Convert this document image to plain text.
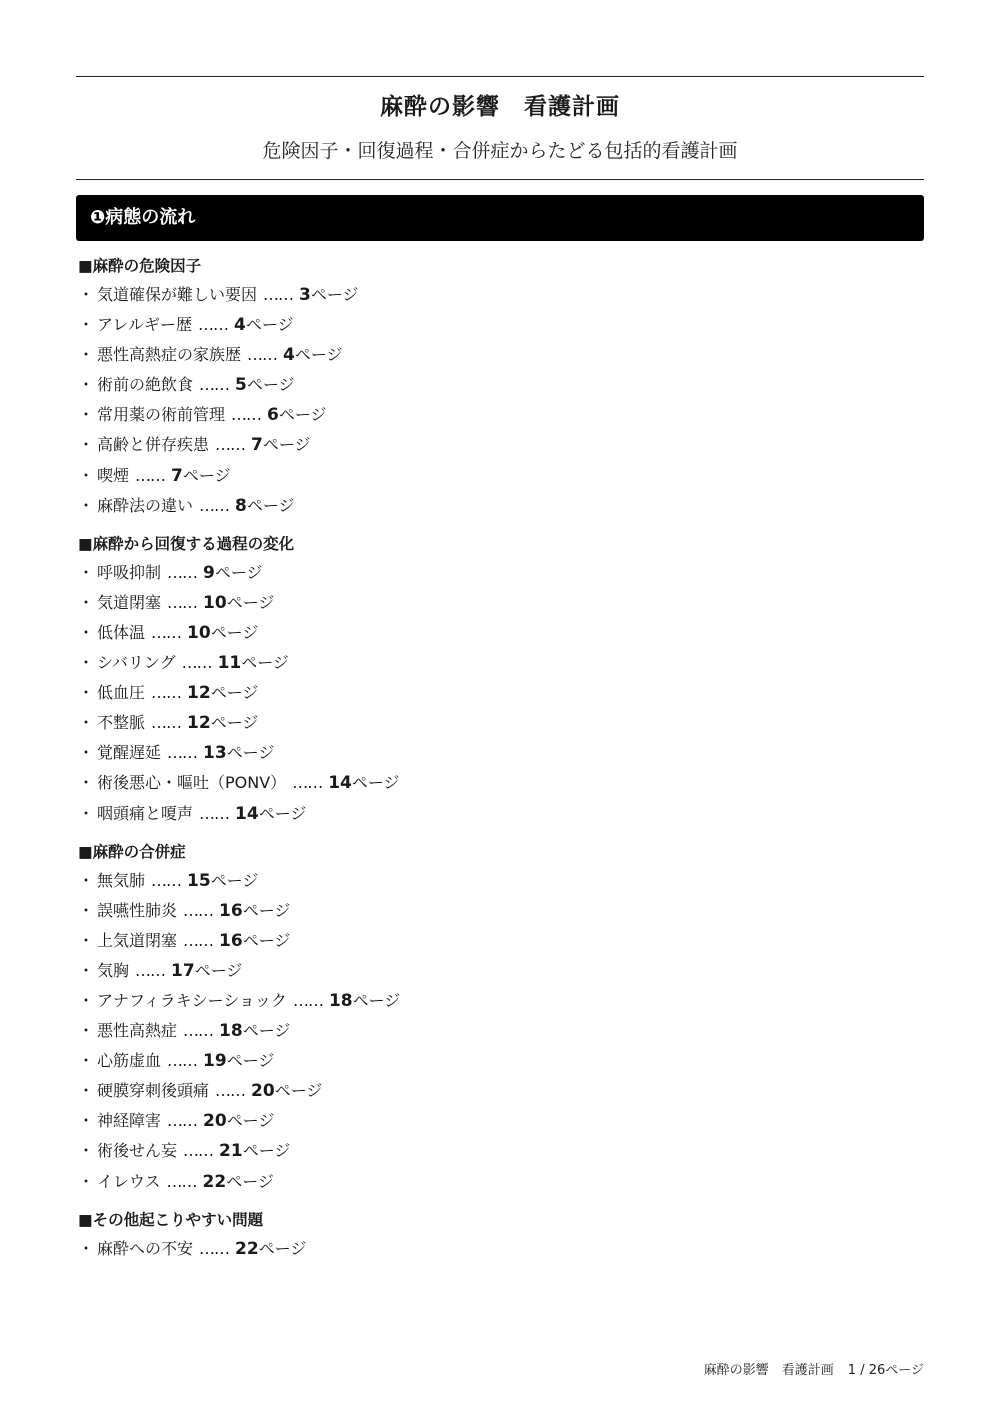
麻酔の影響　看護計画
危険因子・回復過程・合併症からたどる包括的看護計画
❶病態の流れ
■麻酔の危険因子
・ 気道確保が難しい要因 …… 3ページ
・ アレルギー歴 …… 4ページ
・ 悪性高熱症の家族歴 …… 4ページ
・ 術前の絶飲食 …… 5ページ
・ 常用薬の術前管理 …… 6ページ
・ 高齢と併存疾患 …… 7ページ
・ 喫煙 …… 7ページ
・ 麻酔法の違い …… 8ページ
■麻酔から回復する過程の変化
・ 呼吸抑制 …… 9ページ
・ 気道閉塞 …… 10ページ
・ 低体温 …… 10ページ
・ シバリング …… 11ページ
・ 低血圧 …… 12ページ
・ 不整脈 …… 12ページ
・ 覚醒遅延 …… 13ページ
・ 術後悪心・嘔吐（PONV） …… 14ページ
・ 咽頭痛と嗄声 …… 14ページ
■麻酔の合併症
・ 無気肺 …… 15ページ
・ 誤嚥性肺炎 …… 16ページ
・ 上気道閉塞 …… 16ページ
・ 気胸 …… 17ページ
・ アナフィラキシーショック …… 18ページ
・ 悪性高熱症 …… 18ページ
・ 心筋虚血 …… 19ページ
・ 硬膜穿刺後頭痛 …… 20ページ
・ 神経障害 …… 20ページ
・ 術後せん妄 …… 21ページ
・ イレウス …… 22ページ
■その他起こりやすい問題
・ 麻酔への不安 …… 22ページ
麻酔の影響　看護計画 1 / 26ページ
